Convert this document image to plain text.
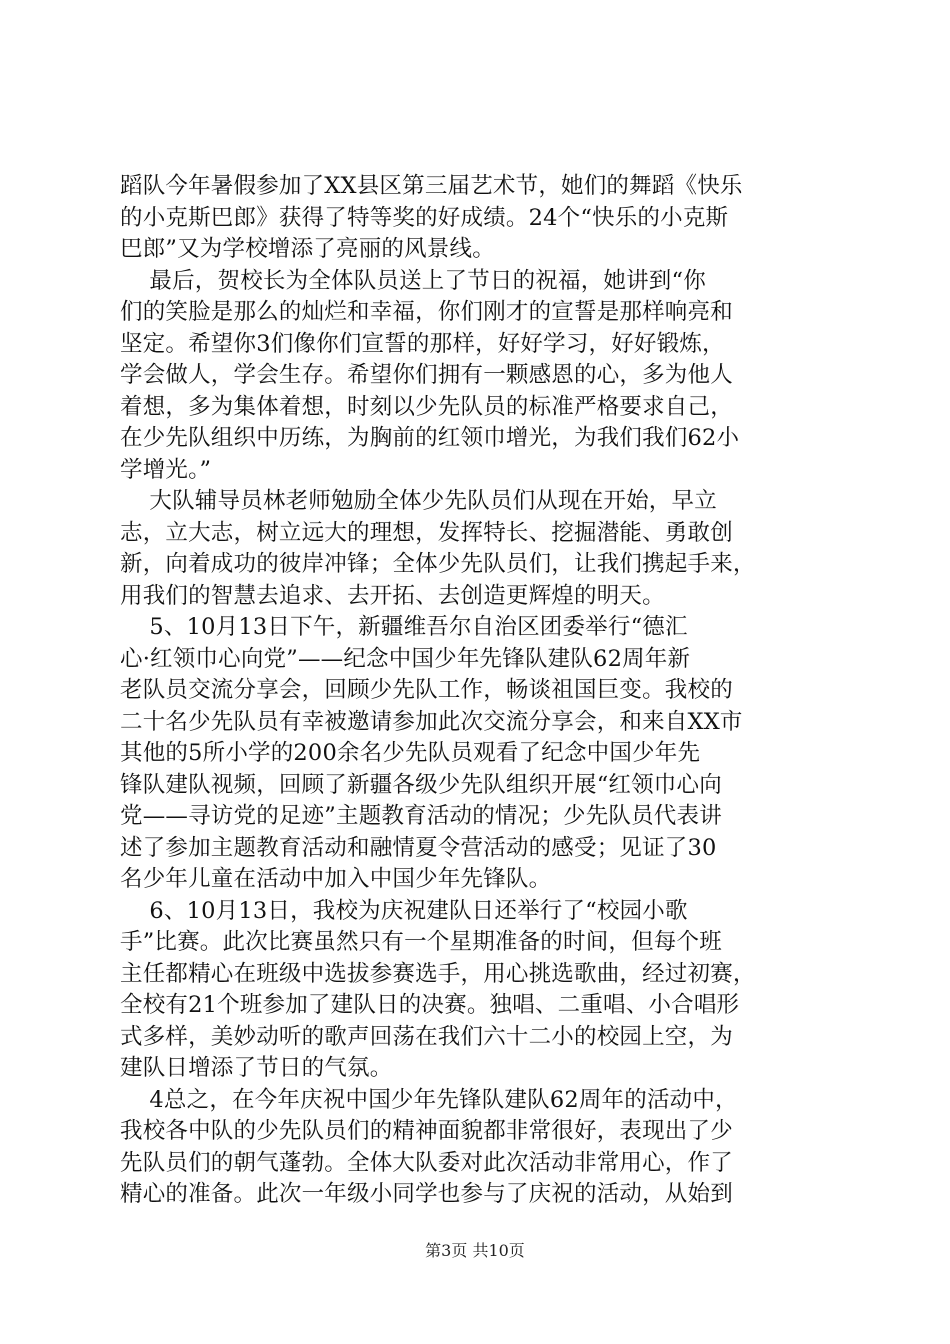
蹈队今年暑假参加了XX县区第三届艺术节，她们的舞蹈《快乐
的小克斯巴郎》获得了特等奖的好成绩。24个“快乐的小克斯
巴郎”又为学校增添了亮丽的风景线。
最后，贺校长为全体队员送上了节日的祝福，她讲到“你
们的笑脸是那么的灿烂和幸福，你们刚才的宣誓是那样响亮和
坚定。希望你3们像你们宣誓的那样，好好学习，好好锻炼，
学会做人，学会生存。希望你们拥有一颗感恩的心，多为他人
着想，多为集体着想，时刻以少先队员的标准严格要求自己，
在少先队组织中历练，为胸前的红领巾增光，为我们我们62小
学增光。”
大队辅导员林老师勉励全体少先队员们从现在开始，早立
志，立大志，树立远大的理想，发挥特长、挖掘潜能、勇敢创
新，向着成功的彼岸冲锋；全体少先队员们，让我们携起手来，
用我们的智慧去追求、去开拓、去创造更辉煌的明天。
5、10月13日下午，新疆维吾尔自治区团委举行“德汇
心·红领巾心向党”——纪念中国少年先锋队建队62周年新
老队员交流分享会，回顾少先队工作，畅谈祖国巨变。我校的
二十名少先队员有幸被邀请参加此次交流分享会，和来自XX市
其他的5所小学的200余名少先队员观看了纪念中国少年先
锋队建队视频，回顾了新疆各级少先队组织开展“红领巾心向
党——寻访党的足迹”主题教育活动的情况；少先队员代表讲
述了参加主题教育活动和融情夏令营活动的感受；见证了30
名少年儿童在活动中加入中国少年先锋队。
6、10月13日，我校为庆祝建队日还举行了“校园小歌
手”比赛。此次比赛虽然只有一个星期准备的时间，但每个班
主任都精心在班级中选拔参赛选手，用心挑选歌曲，经过初赛，
全校有21个班参加了建队日的决赛。独唱、二重唱、小合唱形
式多样，美妙动听的歌声回荡在我们六十二小的校园上空，为
建队日增添了节日的气氛。
4总之，在今年庆祝中国少年先锋队建队62周年的活动中，
我校各中队的少先队员们的精神面貌都非常很好，表现出了少
先队员们的朝气蓬勃。全体大队委对此次活动非常用心，作了
精心的准备。此次一年级小同学也参与了庆祝的活动，从始到
第3页 共10页
